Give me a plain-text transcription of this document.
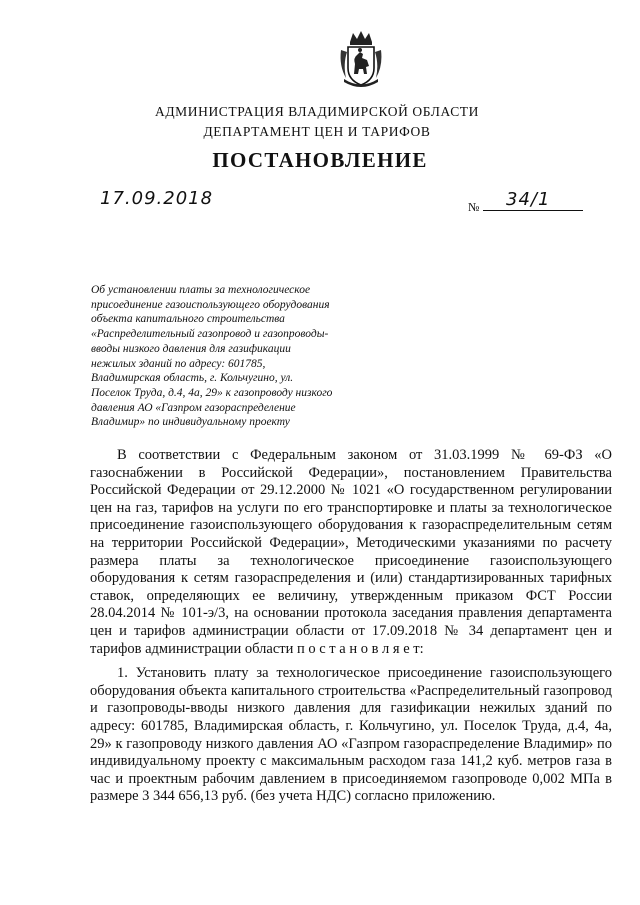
АДМИНИСТРАЦИЯ ВЛАДИМИРСКОЙ ОБЛАСТИ
ДЕПАРТАМЕНТ ЦЕН И ТАРИФОВ
ПОСТАНОВЛЕНИЕ
17.09.2018	№ 34/1
Об установлении платы за технологическое
присоединение газоиспользующего оборудования
объекта капитального строительства
«Распределительный газопровод и газопроводы-
вводы низкого давления для газификации
нежилых зданий по адресу: 601785,
Владимирская область, г. Кольчугино, ул.
Поселок Труда, д.4, 4а, 29» к газопроводу низкого
давления АО «Газпром газораспределение
Владимир» по индивидуальному проекту

В соответствии с Федеральным законом от 31.03.1999 № 69-ФЗ «О газоснабжении в Российской Федерации», постановлением Правительства Российской Федерации от 29.12.2000 № 1021 «О государственном регулировании цен на газ, тарифов на услуги по его транспортировке и платы за технологическое присоединение газоиспользующего оборудования к газораспределительным сетям на территории Российской Федерации», Методическими указаниями по расчету размера платы за технологическое присоединение газоиспользующего оборудования к сетям газораспределения и (или) стандартизированных тарифных ставок, определяющих ее величину, утвержденным приказом ФСТ России 28.04.2014 № 101-э/3, на основании протокола заседания правления департамента цен и тарифов администрации области от 17.09.2018 № 34 департамент цен и тарифов администрации области п о с т а н о в л я е т:

1. Установить плату за технологическое присоединение газоиспользующего оборудования объекта капитального строительства «Распределительный газопровод и газопроводы-вводы низкого давления для газификации нежилых зданий по адресу: 601785, Владимирская область, г. Кольчугино, ул. Поселок Труда, д.4, 4а, 29» к газопроводу низкого давления АО «Газпром газораспределение Владимир» по индивидуальному проекту с максимальным расходом газа 141,2 куб. метров газа в час и проектным рабочим давлением в присоединяемом газопроводе 0,002 МПа в размере 3 344 656,13 руб. (без учета НДС) согласно приложению.
